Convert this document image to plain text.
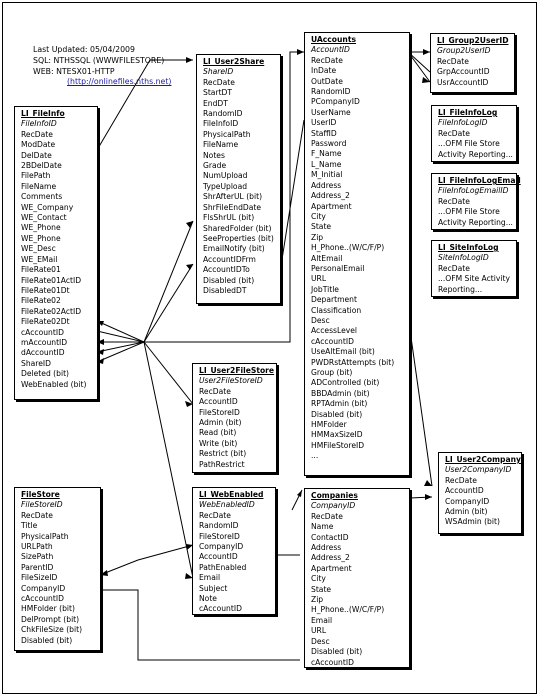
Last Updated: 05/04/2009
SQL: NTHSSQL (WWWFILESTORE)
WEB: NTESX01-HTTP
(http://onlinefiles.nths.net)
LI_FileInfo
FileInfoID
RecDate
ModDate
DelDate
2BDelDate
FilePath
FileName
Comments
WE_Company
WE_Contact
WE_Phone
WE_Phone
WE_Desc
WE_EMail
FileRate01
FileRate01ActID
FileRate01Dt
FileRate02
FileRate02ActID
FileRate02Dt
cAccountID
mAccountID
dAccountID
ShareID
Deleted (bit)
WebEnabled (bit)
LI_User2Share
ShareID
RecDate
StartDT
EndDT
RandomID
FileInfoID
PhysicalPath
FileName
Notes
Grade
NumUpload
TypeUpload
ShrAfterUL (bit)
ShrFileEndDate
FlsShrUL (bit)
SharedFolder (bit)
SeeProperties (bit)
EmailNotify (bit)
AccountIDFrm
AccountIDTo
Disabled (bit)
DisabledDT
UAccounts
AccountID
RecDate
InDate
OutDate
RandomID
PCompanyID
UserName
UserID
StaffID
Password
F_Name
L_Name
M_Initial
Address
Address_2
Apartment
City
State
Zip
H_Phone..(W/C/F/P)
AltEmail
PersonalEmail
URL
JobTitle
Department
Classification
Desc
AccessLevel
cAccountID
UseAltEmail (bit)
PWDRstAttempts (bit)
Group (bit)
ADControlled (bit)
BBDAdmin (bit)
RPTAdmin (bit)
Disabled (bit)
HMFolder
HMMaxSizeID
HMFileStoreID
...
LI_Group2UserID
Group2UserID
RecDate
GrpAccountID
UsrAccountID
LI_FileInfoLog
FileInfoLogID
RecDate
...OFM File Store
Activity Reporting...
LI_FileInfoLogEmail
FileInfoLogEmailID
RecDate
...OFM File Store
Activity Reporting...
LI_SiteInfoLog
SiteInfoLogID
RecDate
...OFM Site Activity
Reporting...
LI_User2FileStore
User2FileStoreID
RecDate
AccountID
FileStoreID
Admin (bit)
Read (bit)
Write (bit)
Restrict (bit)
PathRestrict
LI_User2Company
User2CompanyID
RecDate
AccountID
CompanyID
Admin (bit)
WSAdmin (bit)
FileStore
FileStoreID
RecDate
Title
PhysicalPath
URLPath
SizePath
ParentID
FileSizeID
CompanyID
cAccountID
HMFolder (bit)
DelPrompt (bit)
ChkFileSize (bit)
Disabled (bit)
LI_WebEnabled
WebEnabledID
RecDate
RandomID
FileStoreID
CompanyID
AccountID
PathEnabled
Email
Subject
Note
cAccountID
Companies
CompanyID
RecDate
Name
ContactID
Address
Address_2
Apartment
City
State
Zip
H_Phone..(W/C/F/P)
Email
URL
Desc
Disabled (bit)
cAccountID
